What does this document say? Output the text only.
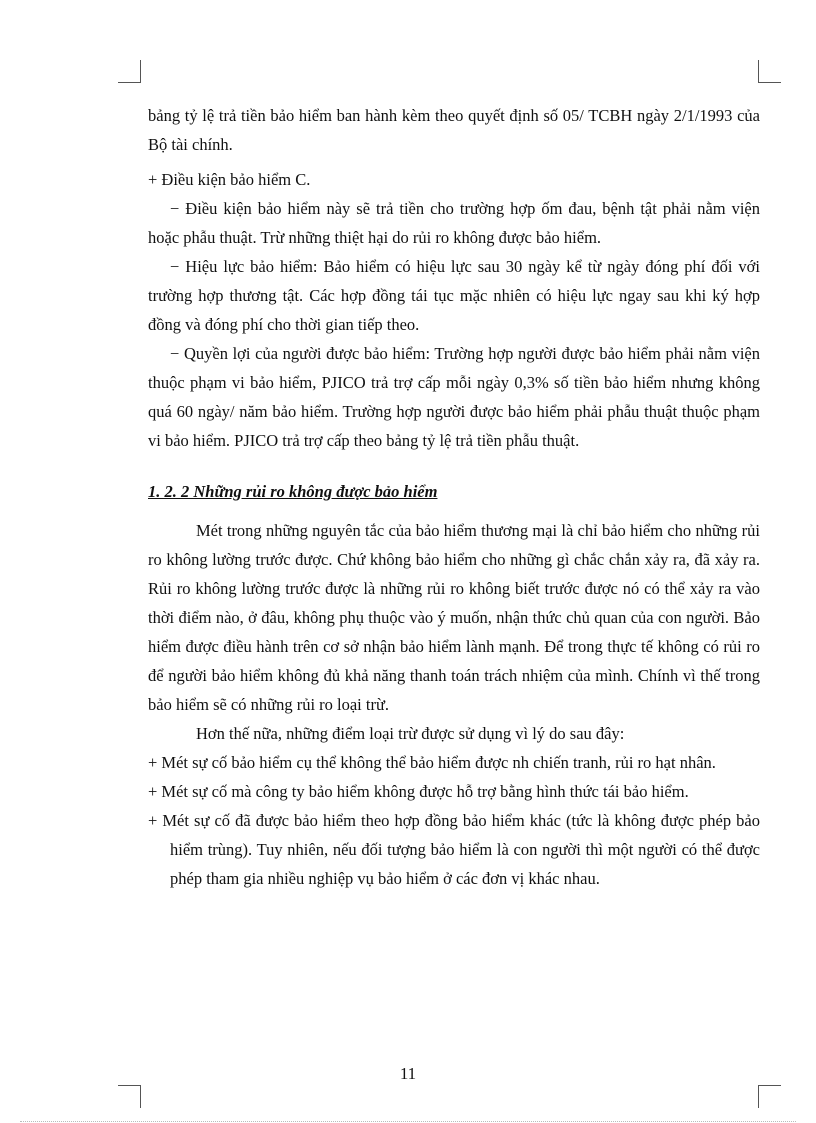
bảng tỷ lệ trả tiền bảo hiểm ban hành kèm theo quyết định số 05/ TCBH ngày 2/1/1993 của Bộ tài chính.

+ Điều kiện bảo hiểm C.

− Điều kiện bảo hiểm này sẽ trả tiền cho trường hợp ốm đau, bệnh tật phải nằm viện hoặc phẫu thuật. Trừ những thiệt hại do rủi ro không được bảo hiểm.

− Hiệu lực bảo hiểm: Bảo hiểm có hiệu lực sau 30 ngày kể từ ngày đóng phí đối với trường hợp thương tật. Các hợp đồng tái tục mặc nhiên có hiệu lực ngay sau khi ký hợp đồng và đóng phí cho thời gian tiếp theo.

− Quyền lợi của người được bảo hiểm: Trường hợp người được bảo hiểm phải nằm viện thuộc phạm vi bảo hiểm, PJICO trả trợ cấp mỗi ngày 0,3% số tiền bảo hiểm nhưng không quá 60 ngày/ năm bảo hiểm. Trường hợp người được bảo hiểm phải phẫu thuật thuộc phạm vi bảo hiểm. PJICO trả trợ cấp theo bảng tỷ lệ trả tiền phẫu thuật.

1. 2. 2 Những rủi ro không được bảo hiểm

Mét trong những nguyên tắc của bảo hiểm thương mại là chỉ bảo hiểm cho những rủi ro không lường trước được. Chứ không bảo hiểm cho những gì chắc chắn xảy ra, đã xảy ra. Rủi ro không lường trước được là những rủi ro không biết trước được nó có thể xảy ra vào thời điểm nào, ở đâu, không phụ thuộc vào ý muốn, nhận thức chủ quan của con người. Bảo hiểm được điều hành trên cơ sở nhận bảo hiểm lành mạnh. Để trong thực tế không có rủi ro để người bảo hiểm không đủ khả năng thanh toán trách nhiệm của mình. Chính vì thế trong bảo hiểm sẽ có những rủi ro loại trừ.

Hơn thế nữa, những điểm loại trừ được sử dụng vì lý do sau đây:

+ Mét sự cố bảo hiểm cụ thể không thể bảo hiểm được nh chiến tranh, rủi ro hạt nhân.

+ Mét sự cố mà công ty bảo hiểm không được hỗ trợ bằng hình thức tái bảo hiểm.

+ Mét sự cố đã được bảo hiểm theo hợp đồng bảo hiểm khác (tức là không được phép bảo hiểm trùng). Tuy nhiên, nếu đối tượng bảo hiểm là con người thì một người có thể được phép tham gia nhiều nghiệp vụ bảo hiểm ở các đơn vị khác nhau.

11
